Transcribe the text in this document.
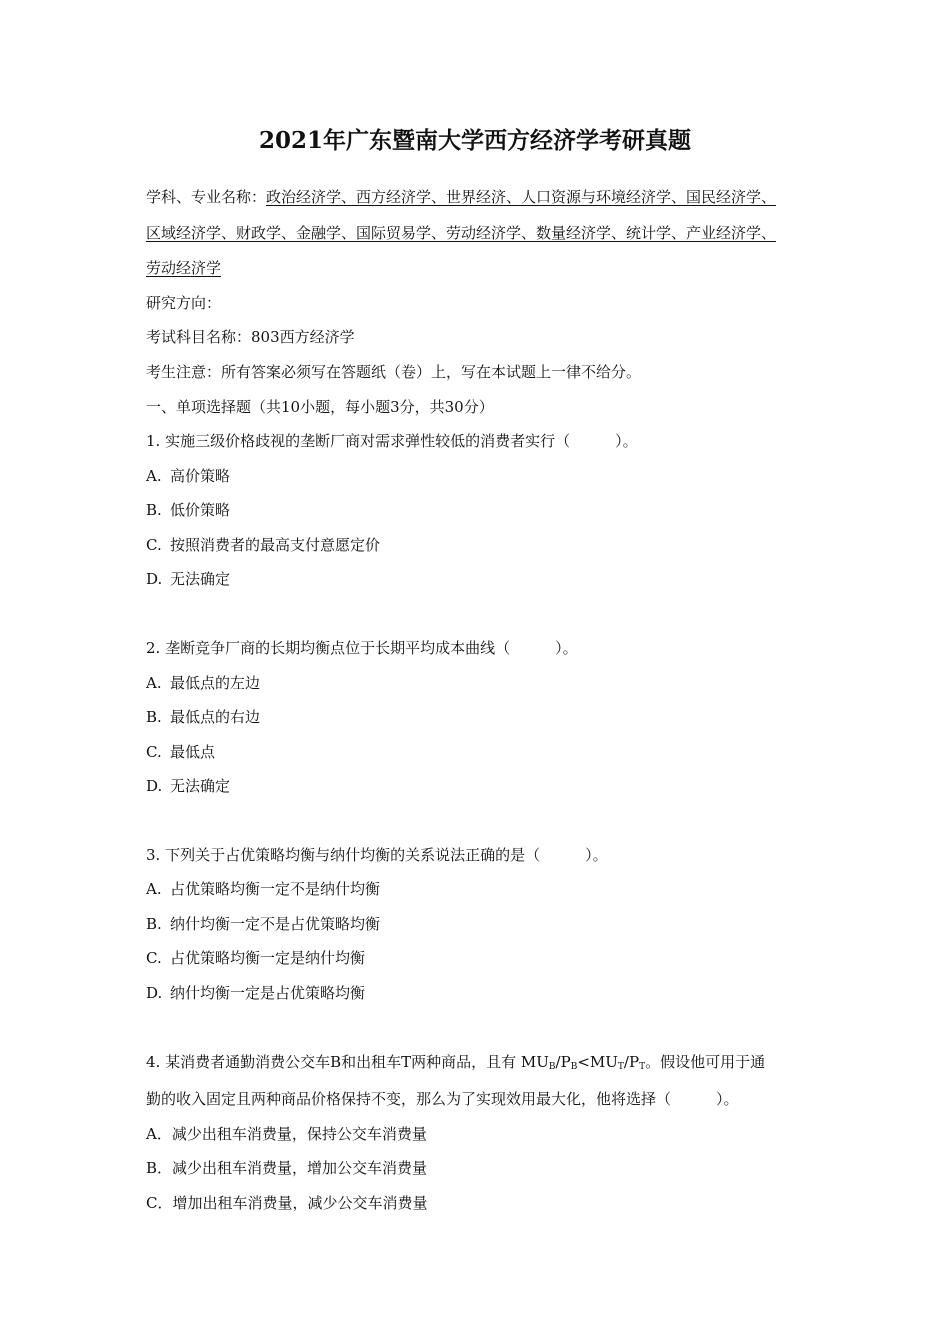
2021年广东暨南大学西方经济学考研真题
学科、专业名称：政治经济学、西方经济学、世界经济、人口资源与环境经济学、国民经济学、
区域经济学、财政学、金融学、国际贸易学、劳动经济学、数量经济学、统计学、产业经济学、
劳动经济学
研究方向：
考试科目名称：803西方经济学
考生注意：所有答案必须写在答题纸（卷）上，写在本试题上一律不给分。
一、单项选择题（共10小题，每小题3分，共30分）
1. 实施三级价格歧视的垄断厂商对需求弹性较低的消费者实行（　　　）。
A. 高价策略
B. 低价策略
C. 按照消费者的最高支付意愿定价
D. 无法确定
2. 垄断竞争厂商的长期均衡点位于长期平均成本曲线（　　　）。
A. 最低点的左边
B. 最低点的右边
C. 最低点
D. 无法确定
3. 下列关于占优策略均衡与纳什均衡的关系说法正确的是（　　　）。
A. 占优策略均衡一定不是纳什均衡
B. 纳什均衡一定不是占优策略均衡
C. 占优策略均衡一定是纳什均衡
D. 纳什均衡一定是占优策略均衡
4. 某消费者通勤消费公交车B和出租车T两种商品，且有 $MU_B/P_B<MU_T/P_T$。假设他可用于通
勤的收入固定且两种商品价格保持不变，那么为了实现效用最大化，他将选择（　　　）。
A．减少出租车消费量，保持公交车消费量
B．减少出租车消费量，增加公交车消费量
C．增加出租车消费量，减少公交车消费量
